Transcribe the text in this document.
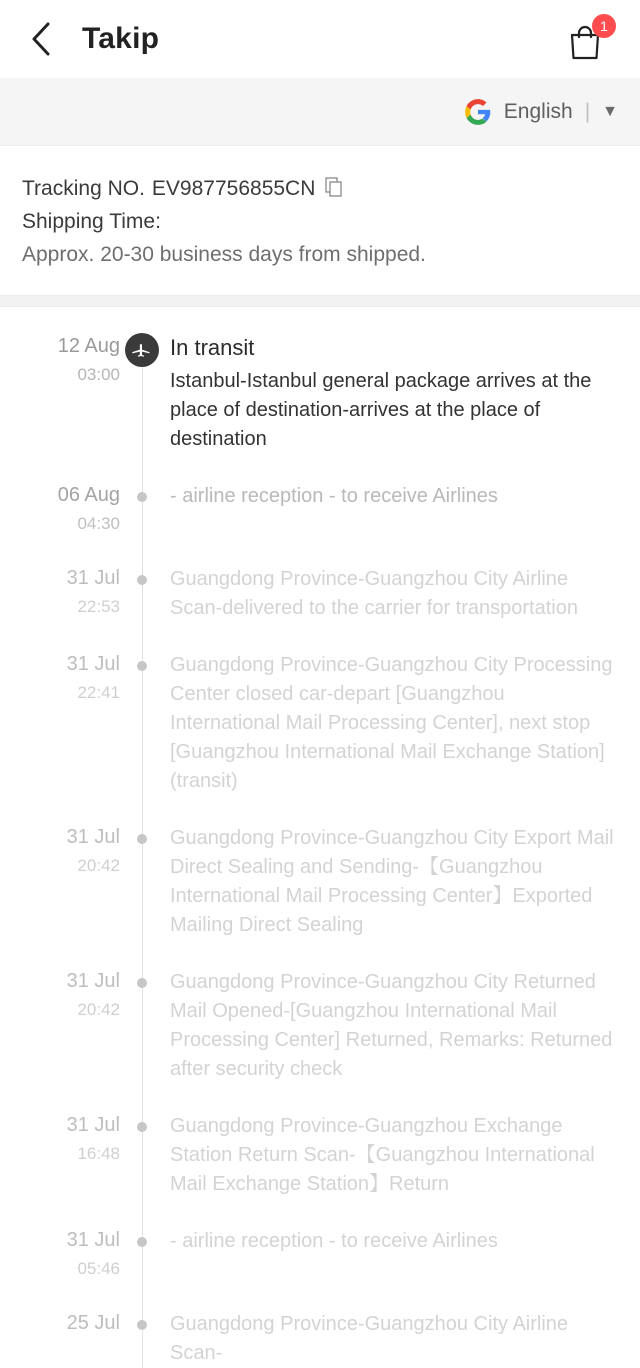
Takip	1
English | ▼
Tracking NO. EV987756855CN
Shipping Time:
Approx. 20-30 business days from shipped.
12 Aug
03:00
In transit
Istanbul-Istanbul general package arrives at the place of destination-arrives at the place of destination
06 Aug
04:30
- airline reception - to receive Airlines
31 Jul
22:53
Guangdong Province-Guangzhou City Airline Scan-delivered to the carrier for transportation
31 Jul
22:41
Guangdong Province-Guangzhou City Processing Center closed car-depart [Guangzhou International Mail Processing Center], next stop [Guangzhou International Mail Exchange Station] (transit)
31 Jul
20:42
Guangdong Province-Guangzhou City Export Mail Direct Sealing and Sending-【Guangzhou International Mail Processing Center】Exported Mailing Direct Sealing
31 Jul
20:42
Guangdong Province-Guangzhou City Returned Mail Opened-[Guangzhou International Mail Processing Center] Returned, Remarks: Returned after security check
31 Jul
16:48
Guangdong Province-Guangzhou Exchange Station Return Scan-【Guangzhou International Mail Exchange Station】Return
31 Jul
05:46
- airline reception - to receive Airlines
25 Jul	Guangdong Province-Guangzhou City Airline Scan-
